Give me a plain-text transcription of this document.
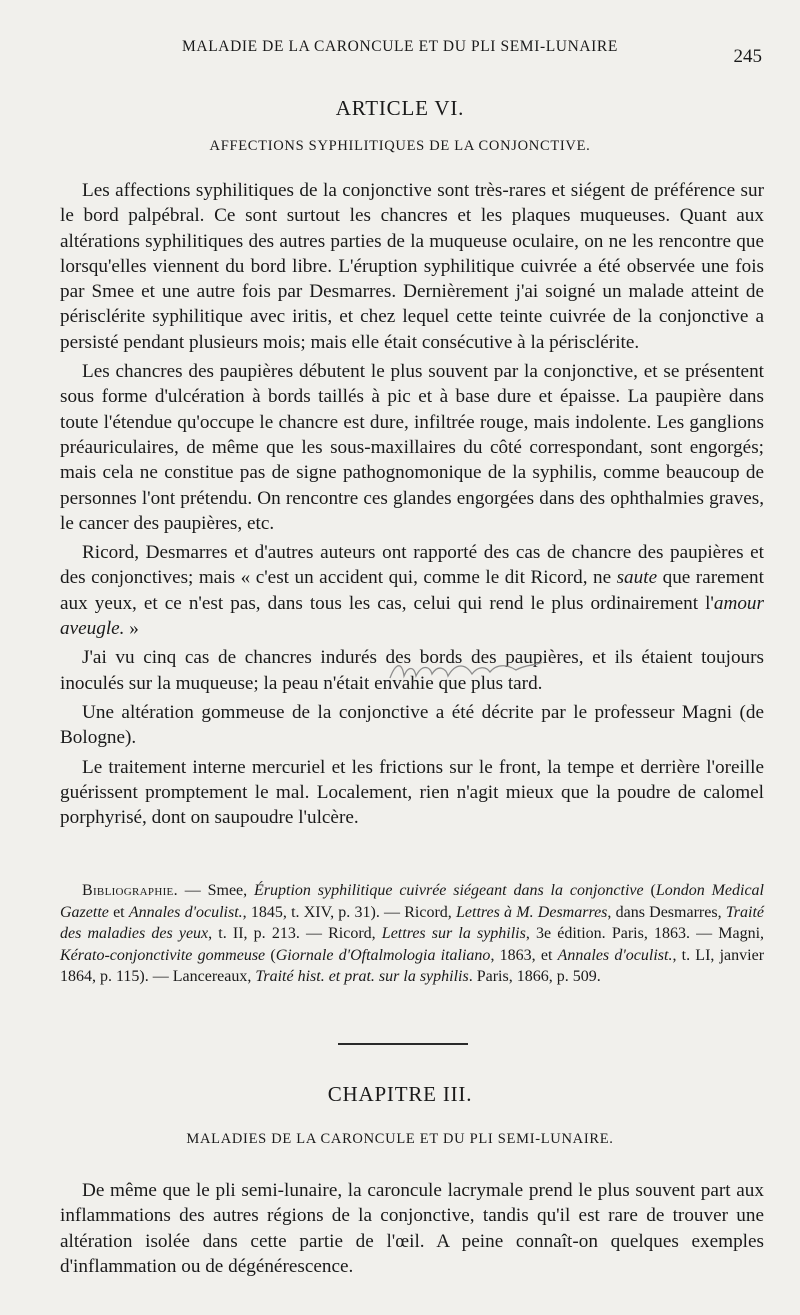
MALADIE DE LA CARONCULE ET DU PLI SEMI-LUNAIRE	245
ARTICLE VI.
AFFECTIONS SYPHILITIQUES DE LA CONJONCTIVE.

Les affections syphilitiques de la conjonctive sont très-rares et siégent de préférence sur le bord palpébral. Ce sont surtout les chancres et les plaques muqueuses. Quant aux altérations syphilitiques des autres parties de la muqueuse oculaire, on ne les rencontre que lorsqu'elles viennent du bord libre. L'éruption syphilitique cuivrée a été observée une fois par Smee et une autre fois par Desmarres. Dernièrement j'ai soigné un malade atteint de périsclérite syphilitique avec iritis, et chez lequel cette teinte cuivrée de la conjonctive a persisté pendant plusieurs mois; mais elle était consécutive à la périsclérite.

Les chancres des paupières débutent le plus souvent par la conjonctive, et se présentent sous forme d'ulcération à bords taillés à pic et à base dure et épaisse. La paupière dans toute l'étendue qu'occupe le chancre est dure, infiltrée rouge, mais indolente. Les ganglions préauriculaires, de même que les sous-maxillaires du côté correspondant, sont engorgés; mais cela ne constitue pas de signe pathognomonique de la syphilis, comme beaucoup de personnes l'ont prétendu. On rencontre ces glandes engorgées dans des ophthalmies graves, le cancer des paupières, etc.

Ricord, Desmarres et d'autres auteurs ont rapporté des cas de chancre des paupières et des conjonctives; mais « c'est un accident qui, comme le dit Ricord, ne saute que rarement aux yeux, et ce n'est pas, dans tous les cas, celui qui rend le plus ordinairement l'amour aveugle. »

J'ai vu cinq cas de chancres indurés des bords des paupières, et ils étaient toujours inoculés sur la muqueuse; la peau n'était envahie que plus tard.

Une altération gommeuse de la conjonctive a été décrite par le professeur Magni (de Bologne).

Le traitement interne mercuriel et les frictions sur le front, la tempe et derrière l'oreille guérissent promptement le mal. Localement, rien n'agit mieux que la poudre de calomel porphyrisé, dont on saupoudre l'ulcère.

Bibliographie. — Smee, Éruption syphilitique cuivrée siégeant dans la conjonctive (London Medical Gazette et Annales d'oculist., 1845, t. XIV, p. 31). — Ricord, Lettres à M. Desmarres, dans Desmarres, Traité des maladies des yeux, t. II, p. 213. — Ricord, Lettres sur la syphilis, 3e édition. Paris, 1863. — Magni, Kérato-conjonctivite gommeuse (Giornale d'Oftalmologia italiano, 1863, et Annales d'oculist., t. LI, janvier 1864, p. 115). — Lancereaux, Traité hist. et prat. sur la syphilis. Paris, 1866, p. 509.
CHAPITRE III.
MALADIES DE LA CARONCULE ET DU PLI SEMI-LUNAIRE.

De même que le pli semi-lunaire, la caroncule lacrymale prend le plus souvent part aux inflammations des autres régions de la conjonctive, tandis qu'il est rare de trouver une altération isolée dans cette partie de l'œil. A peine connaît-on quelques exemples d'inflammation ou de dégénérescence.
